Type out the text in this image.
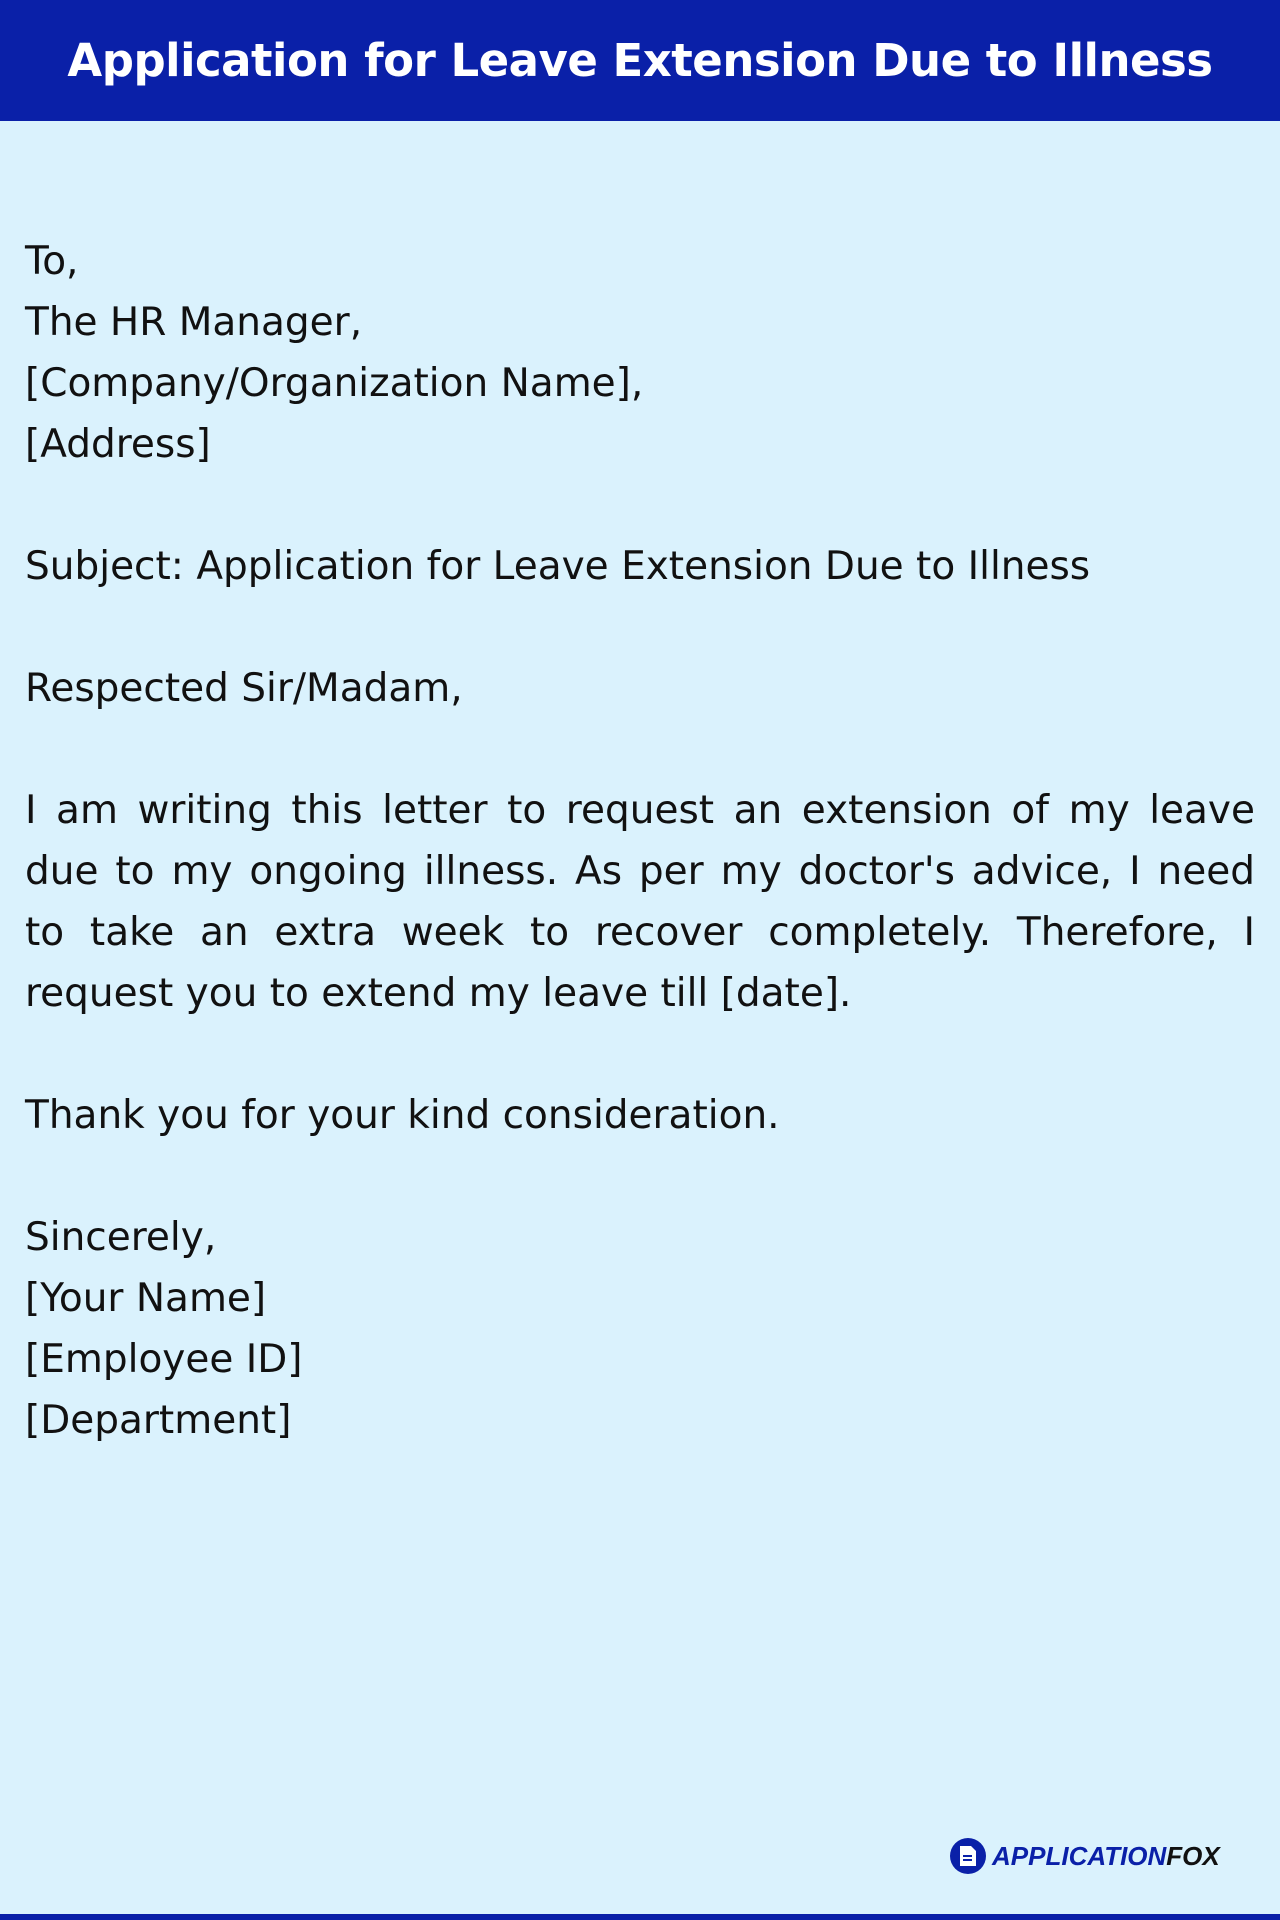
Application for Leave Extension Due to Illness

To,
The HR Manager,
[Company/Organization Name],
[Address]

Subject: Application for Leave Extension Due to Illness

Respected Sir/Madam,

I am writing this letter to request an extension of my leave due to my ongoing illness. As per my doctor's advice, I need to take an extra week to recover completely. Therefore, I request you to extend my leave till [date].

Thank you for your kind consideration.

Sincerely,
[Your Name]
[Employee ID]
[Department]

APPLICATION FOX
